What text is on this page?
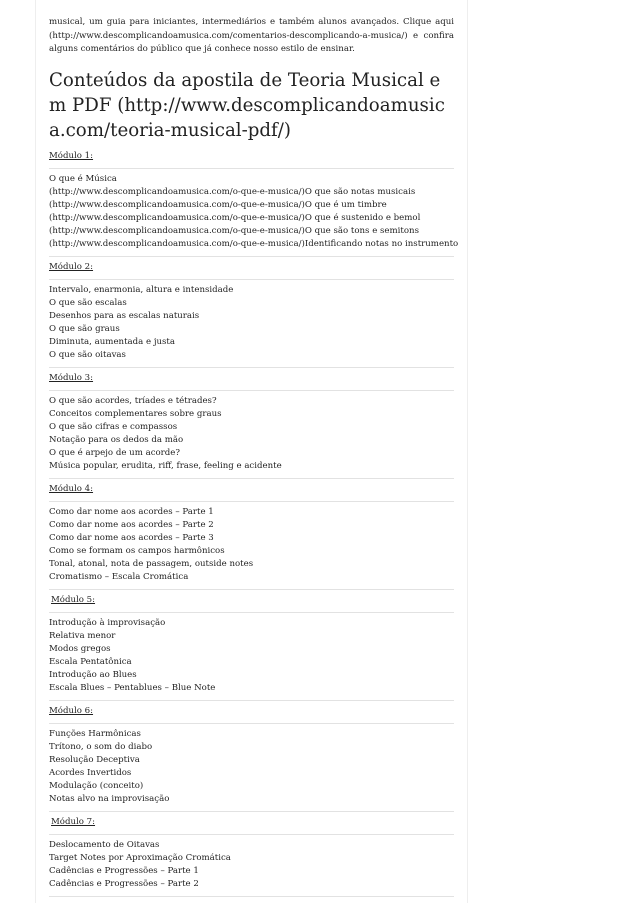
musical, um guia para iniciantes, intermediários e também alunos avançados. Clique aqui
(http://www.descomplicandoamusica.com/comentarios-descomplicando-a-musica/) e confira
alguns comentários do público que já conhece nosso estilo de ensinar.

Conteúdos da apostila de Teoria Musical em PDF (http://www.descomplicandoamusica.com/teoria-musical-pdf/)
Módulo 1:
O que é Música
(http://www.descomplicandoamusica.com/o-que-e-musica/)O que são notas musicais
(http://www.descomplicandoamusica.com/o-que-e-musica/)O que é um timbre
(http://www.descomplicandoamusica.com/o-que-e-musica/)O que é sustenido e bemol
(http://www.descomplicandoamusica.com/o-que-e-musica/)O que são tons e semitons
(http://www.descomplicandoamusica.com/o-que-e-musica/)Identificando notas no instrumento
Módulo 2:
Intervalo, enarmonia, altura e intensidade
O que são escalas
Desenhos para as escalas naturais
O que são graus
Diminuta, aumentada e justa
O que são oitavas
Módulo 3:
O que são acordes, tríades e tétrades?
Conceitos complementares sobre graus
O que são cifras e compassos
Notação para os dedos da mão
O que é arpejo de um acorde?
Música popular, erudita, riff, frase, feeling e acidente
Módulo 4:
Como dar nome aos acordes – Parte 1
Como dar nome aos acordes – Parte 2
Como dar nome aos acordes – Parte 3
Como se formam os campos harmônicos
Tonal, atonal, nota de passagem, outside notes
Cromatismo – Escala Cromática
Módulo 5:
Introdução à improvisação
Relativa menor
Modos gregos
Escala Pentatônica
Introdução ao Blues
Escala Blues – Pentablues – Blue Note
Módulo 6:
Funções Harmônicas
Trítono, o som do diabo
Resolução Deceptiva
Acordes Invertidos
Modulação (conceito)
Notas alvo na improvisação
Módulo 7:
Deslocamento de Oitavas
Target Notes por Aproximação Cromática
Cadências e Progressões – Parte 1
Cadências e Progressões – Parte 2
